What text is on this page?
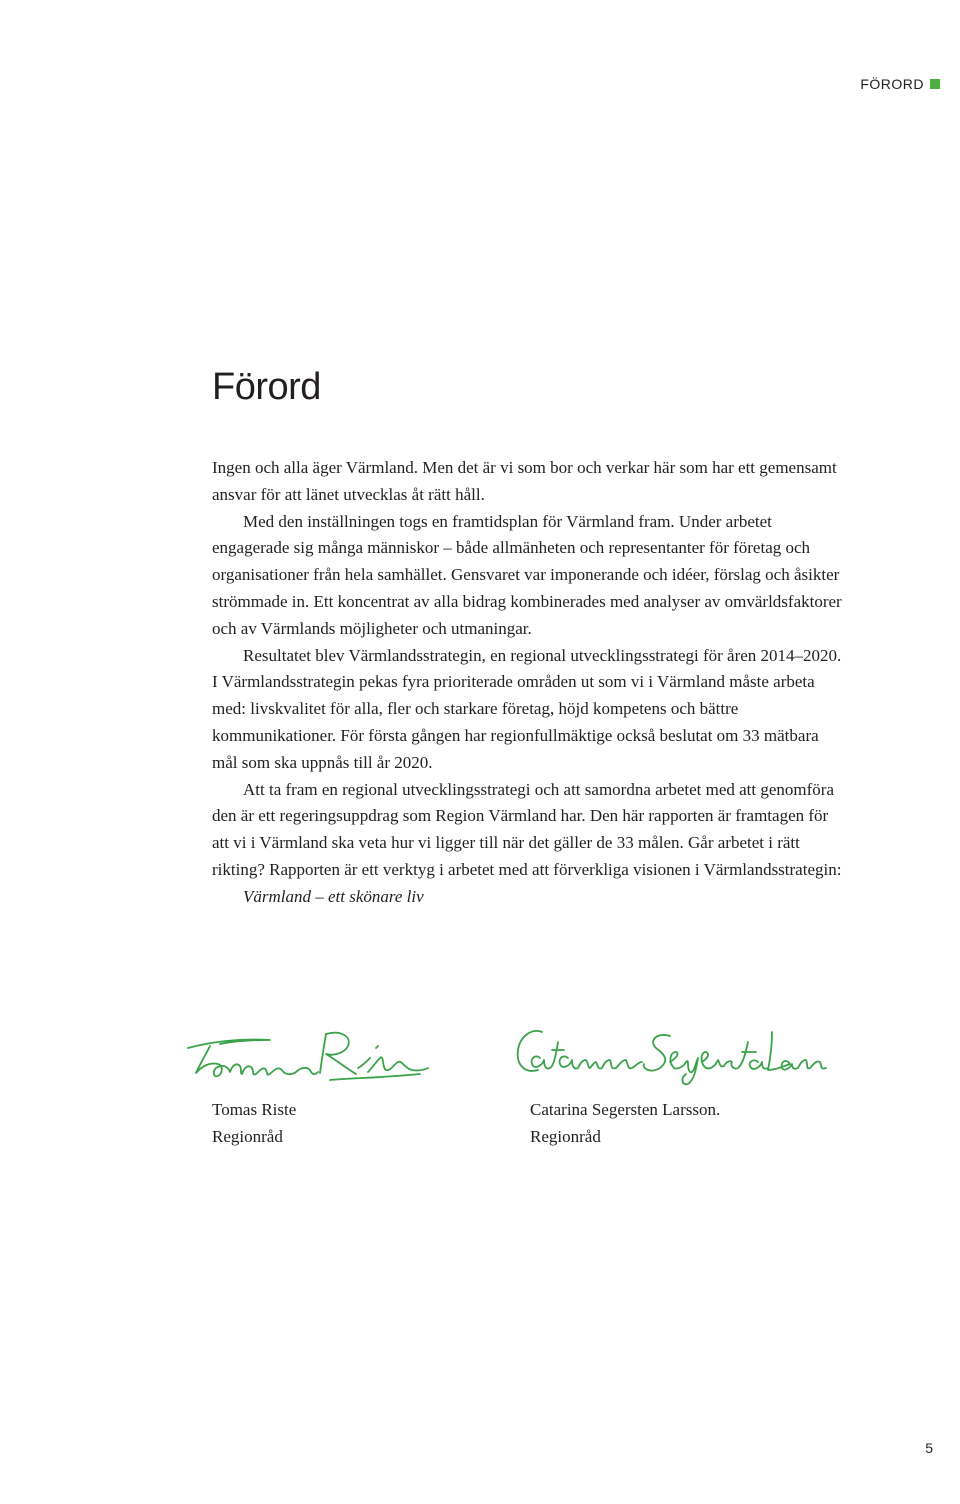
FÖRORD
Förord

Ingen och alla äger Värmland. Men det är vi som bor och verkar här som har ett gemensamt ansvar för att länet utvecklas åt rätt håll.

Med den inställningen togs en framtidsplan för Värmland fram. Under arbetet engagerade sig många människor – både allmänheten och representanter för företag och organisationer från hela samhället. Gensvaret var imponerande och idéer, förslag och åsikter strömmade in. Ett koncentrat av alla bidrag kombinerades med analyser av omvärldsfaktorer och av Värmlands möjligheter och utmaningar.

Resultatet blev Värmlandsstrategin, en regional utvecklingsstrategi för åren 2014–2020. I Värmlandsstrategin pekas fyra prioriterade områden ut som vi i Värmland måste arbeta med: livskvalitet för alla, fler och starkare företag, höjd kompetens och bättre kommunikationer. För första gången har regionfullmäktige också beslutat om 33 mätbara mål som ska uppnås till år 2020.

Att ta fram en regional utvecklingsstrategi och att samordna arbetet med att genomföra den är ett regeringsuppdrag som Region Värmland har. Den här rapporten är framtagen för att vi i Värmland ska veta hur vi ligger till när det gäller de 33 målen. Går arbetet i rätt rikting? Rapporten är ett verktyg i arbetet med att förverkliga visionen i Värmlandsstrategin:

Värmland – ett skönare liv

Tomas Riste
Regionråd
Catarina Segersten Larsson.
Regionråd
5
